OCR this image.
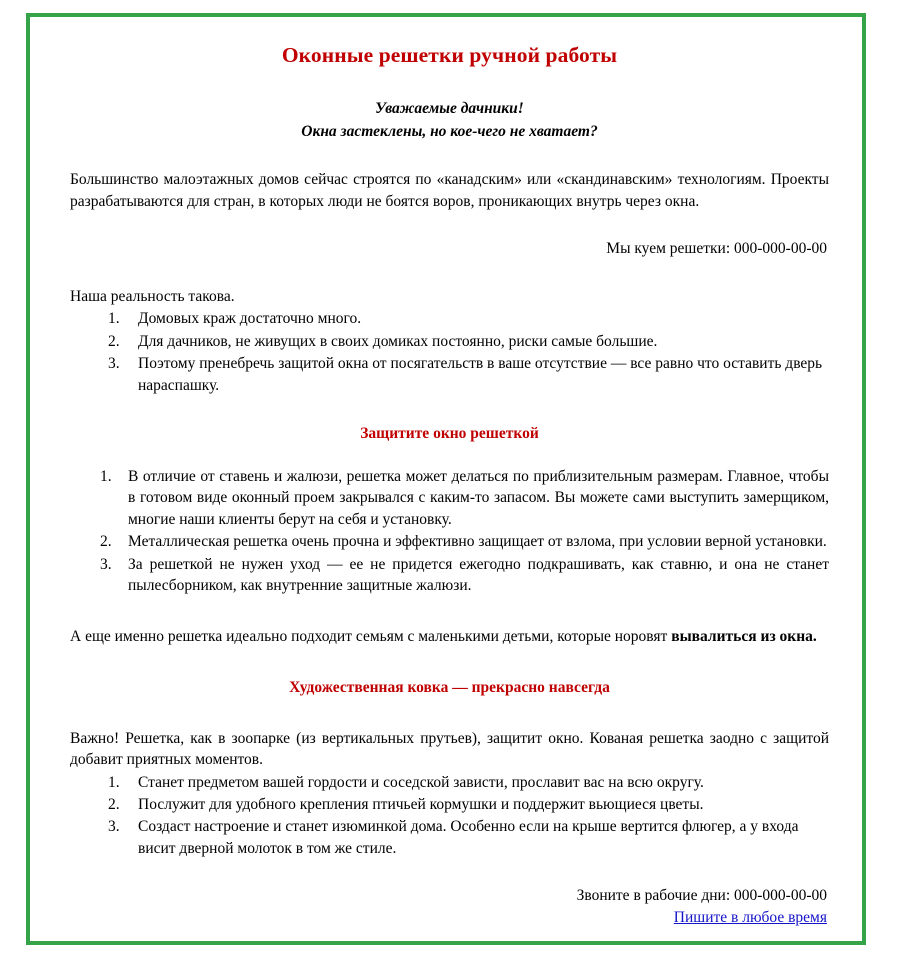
Оконные решетки ручной работы
Уважаемые дачники!
Окна застеклены, но кое-чего не хватает?

Большинство малоэтажных домов сейчас строятся по «канадским» или «скандинавским» технологиям. Проекты разрабатываются для стран, в которых люди не боятся воров, проникающих внутрь через окна.

Мы куем решетки: 000-000-00-00

Наша реальность такова.

Домовых краж достаточно много.
Для дачников, не живущих в своих домиках постоянно, риски самые большие.
Поэтому пренебречь защитой окна от посягательств в ваше отсутствие — все равно что оставить дверь нараспашку.
Защитите окно решеткой
В отличие от ставень и жалюзи, решетка может делаться по приблизительным размерам. Главное, чтобы в готовом виде оконный проем закрывался с каким-то запасом. Вы можете сами выступить замерщиком, многие наши клиенты берут на себя и установку.
Металлическая решетка очень прочна и эффективно защищает от взлома, при условии верной установки.
За решеткой не нужен уход — ее не придется ежегодно подкрашивать, как ставню, и она не станет пылесборником, как внутренние защитные жалюзи.

А еще именно решетка идеально подходит семьям с маленькими детьми, которые норовят вывалиться из окна.

Художественная ковка — прекрасно навсегда

Важно! Решетка, как в зоопарке (из вертикальных прутьев), защитит окно. Кованая решетка заодно с защитой добавит приятных моментов.

Станет предметом вашей гордости и соседской зависти, прославит вас на всю округу.
Послужит для удобного крепления птичьей кормушки и поддержит вьющиеся цветы.
Создаст настроение и станет изюминкой дома. Особенно если на крыше вертится флюгер, а у входа висит дверной молоток в том же стиле.
Звоните в рабочие дни: 000-000-00-00
Пишите в любое время
